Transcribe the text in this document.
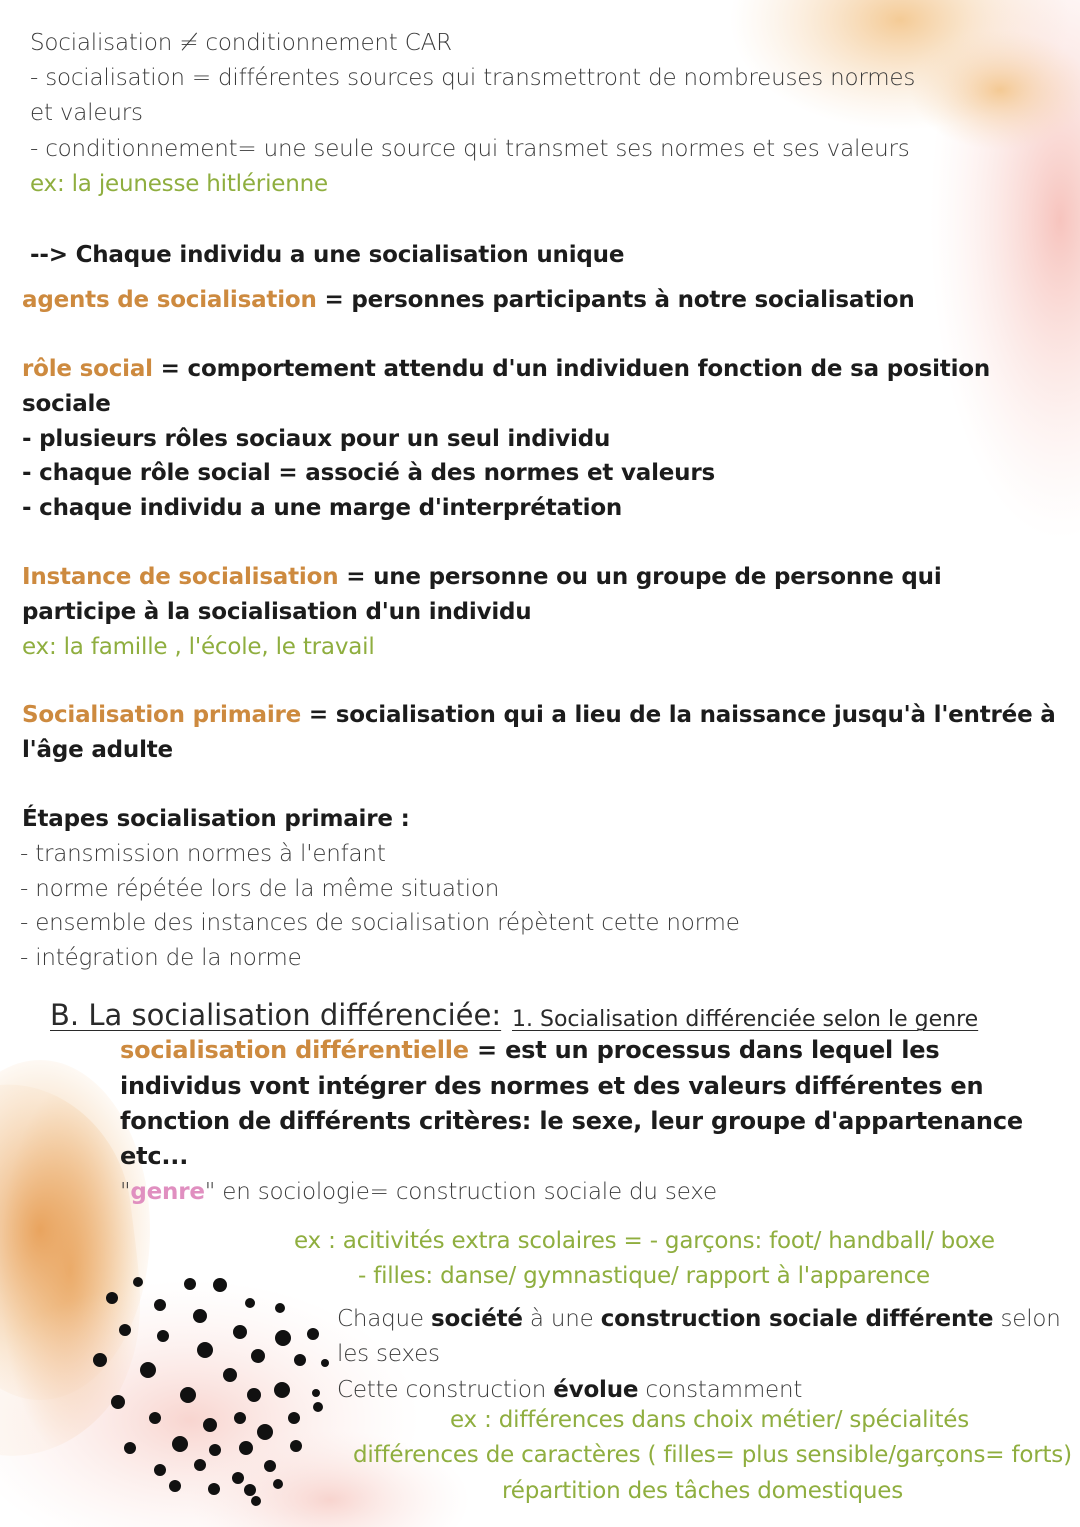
Socialisation ≠ conditionnement CAR
- socialisation = différentes sources qui transmettront de nombreuses normes
et valeurs
- conditionnement= une seule source qui transmet ses normes et ses valeurs
ex: la jeunesse hitlérienne
--> Chaque individu a une socialisation unique
agents de socialisation = personnes participants à notre socialisation
rôle social = comportement attendu d'un individuen fonction de sa position
sociale
- plusieurs rôles sociaux pour un seul individu
- chaque rôle social = associé à des normes et valeurs
- chaque individu a une marge d'interprétation
Instance de socialisation = une personne ou un groupe de personne qui
participe à la socialisation d'un individu
ex: la famille , l'école, le travail
Socialisation primaire = socialisation qui a lieu de la naissance jusqu'à l'entrée à
l'âge adulte
Étapes socialisation primaire :
- transmission normes à l'enfant
- norme répétée lors de la même situation
- ensemble des instances de socialisation répètent cette norme
- intégration de la norme
B. La socialisation différenciée: 1. Socialisation différenciée selon le genre
socialisation différentielle = est un processus dans lequel les
individus vont intégrer des normes et des valeurs différentes en
fonction de différents critères: le sexe, leur groupe d'appartenance
etc...
"genre" en sociologie= construction sociale du sexe
ex : acitivités extra scolaires = - garçons: foot/ handball/ boxe
- filles: danse/ gymnastique/ rapport à l'apparence
Chaque société à une construction sociale différente selon
les sexes
Cette construction évolue constamment
ex : différences dans choix métier/ spécialités
différences de caractères ( filles= plus sensible/garçons= forts)
répartition des tâches domestiques
